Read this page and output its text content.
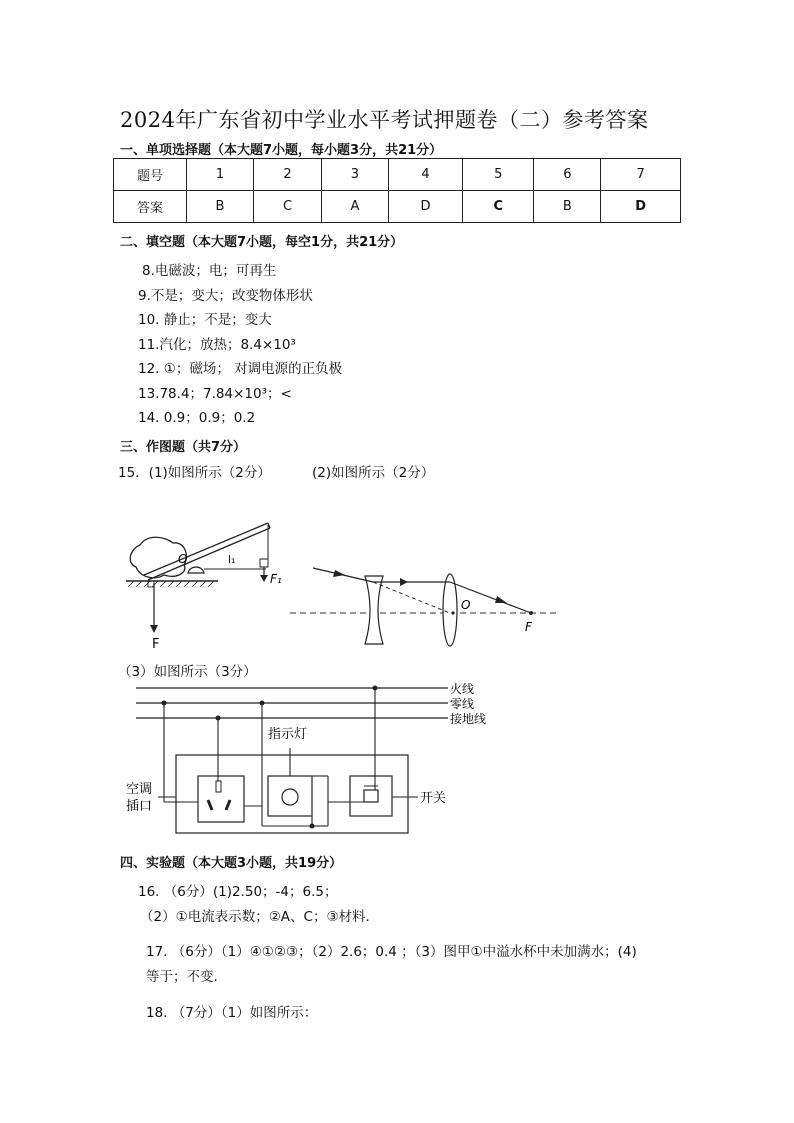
2024年广东省初中学业水平考试押题卷（二）参考答案
一、单项选择题（本大题7小题，每小题3分，共21分）
题号	1	2	3	4	5	6	7
答案	B	C	A	D	C	B	D
二、填空题（本大题7小题，每空1分，共21分）
8.电磁波；电；可再生
9.不是；变大；改变物体形状
10. 静止；不是；变大
11.汽化；放热；8.4×10³
12. ①；磁场； 对调电源的正负极
13.78.4；7.84×10³；<
14. 0.9；0.9；0.2
三、作图题（共7分）
15．(1)如图所示（2分）	(2)如图所示（2分）
O	l₁
F₁
F
O
F
（3）如图所示（3分）
火线
零线
接地线
指示灯
空调
插口
开关
四、实验题（本大题3小题，共19分）
16. （6分）(1)2.50；-4；6.5；
（2）①电流表示数；②A、C；③材料．
17. （6分）（1）④①②③；（2）2.6；0.4 ；（3）图甲①中溢水杯中未加满水；(4)
等于；不变.
18. （7分）（1）如图所示：
